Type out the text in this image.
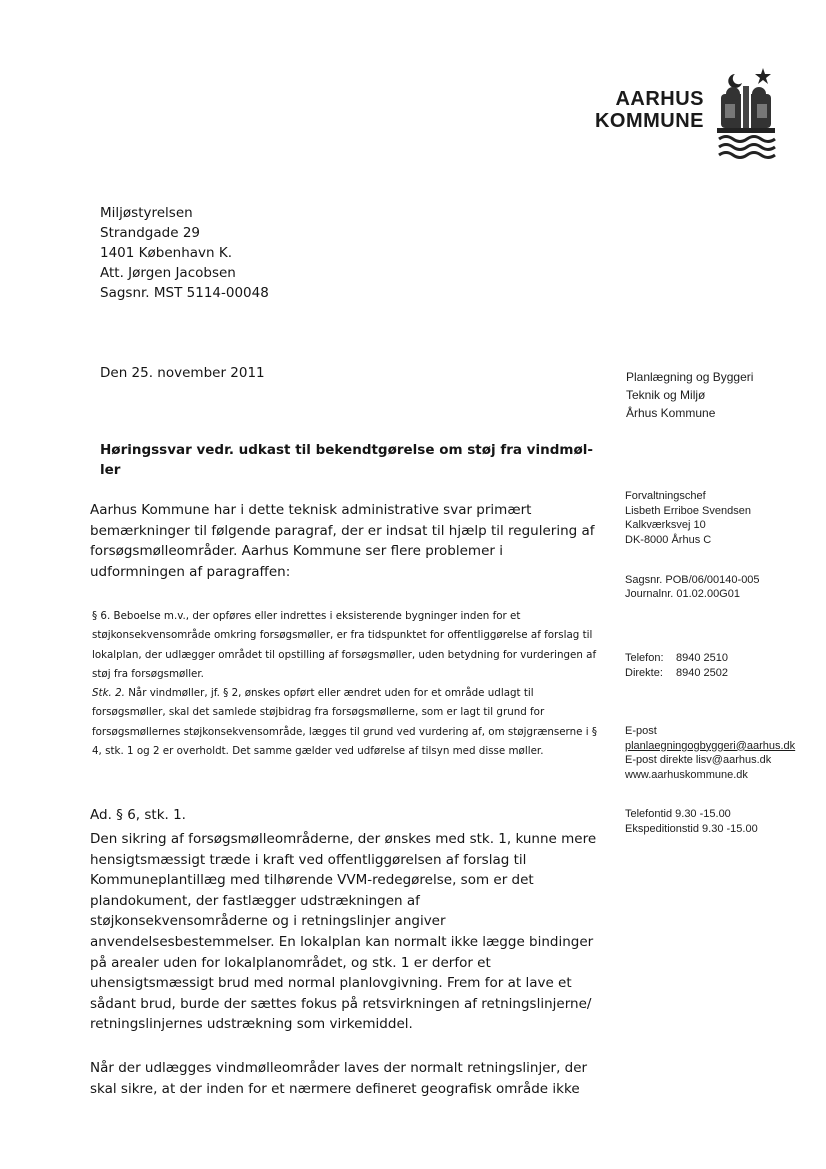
AARHUS
KOMMUNE
Miljøstyrelsen
Strandgade 29
1401 København K.
Att. Jørgen Jacobsen
Sagsnr. MST 5114-00048
Den 25. november 2011	Planlægning og Byggeri
Teknik og Miljø
Århus Kommune
Forvaltningschef
Lisbeth Erriboe Svendsen
Kalkværksvej 10
DK-8000 Århus C
Sagsnr. POB/06/00140-005
Journalnr. 01.02.00G01
Telefon: 8940 2510
Direkte: 8940 2502
E-post
planlaegningogbyggeri@aarhus.dk
E-post direkte lisv@aarhus.dk
www.aarhuskommune.dk
Telefontid 9.30 -15.00
Ekspeditionstid 9.30 -15.00
Høringssvar vedr. udkast til bekendtgørelse om støj fra vindmøl-ler
Aarhus Kommune har i dette teknisk administrative svar primært bemærkninger til følgende paragraf, der er indsat til hjælp til regulering af forsøgsmølleområder. Aarhus Kommune ser flere problemer i udformningen af paragraffen:
§ 6. Beboelse m.v., der opføres eller indrettes i eksisterende bygninger inden for et støjkonsekvensområde omkring forsøgsmøller, er fra tidspunktet for offentliggørelse af forslag til lokalplan, der udlægger området til opstilling af forsøgsmøller, uden betydning for vurderingen af støj fra forsøgsmøller.
Stk. 2. Når vindmøller, jf. § 2, ønskes opført eller ændret uden for et område udlagt til forsøgsmøller, skal det samlede støjbidrag fra forsøgsmøllerne, som er lagt til grund for forsøgsmøllernes støjkonsekvensområde, lægges til grund ved vurdering af, om støjgrænserne i § 4, stk. 1 og 2 er overholdt. Det samme gælder ved udførelse af tilsyn med disse møller.
Ad. § 6, stk. 1.
Den sikring af forsøgsmølleområderne, der ønskes med stk. 1, kunne mere hensigtsmæssigt træde i kraft ved offentliggørelsen af forslag til Kommuneplantillæg med tilhørende VVM-redegørelse, som er det plandokument, der fastlægger udstrækningen af støjkonsekvensområderne og i retningslinjer angiver anvendelsesbestemmelser. En lokalplan kan normalt ikke lægge bindinger på arealer uden for lokalplanområdet, og stk. 1 er derfor et uhensigtsmæssigt brud med normal planlovgivning. Frem for at lave et sådant brud, burde der sættes fokus på retsvirkningen af retningslinjerne/ retningslinjernes udstrækning som virkemiddel.
Når der udlægges vindmølleområder laves der normalt retningslinjer, der skal sikre, at der inden for et nærmere defineret geografisk område ikke
